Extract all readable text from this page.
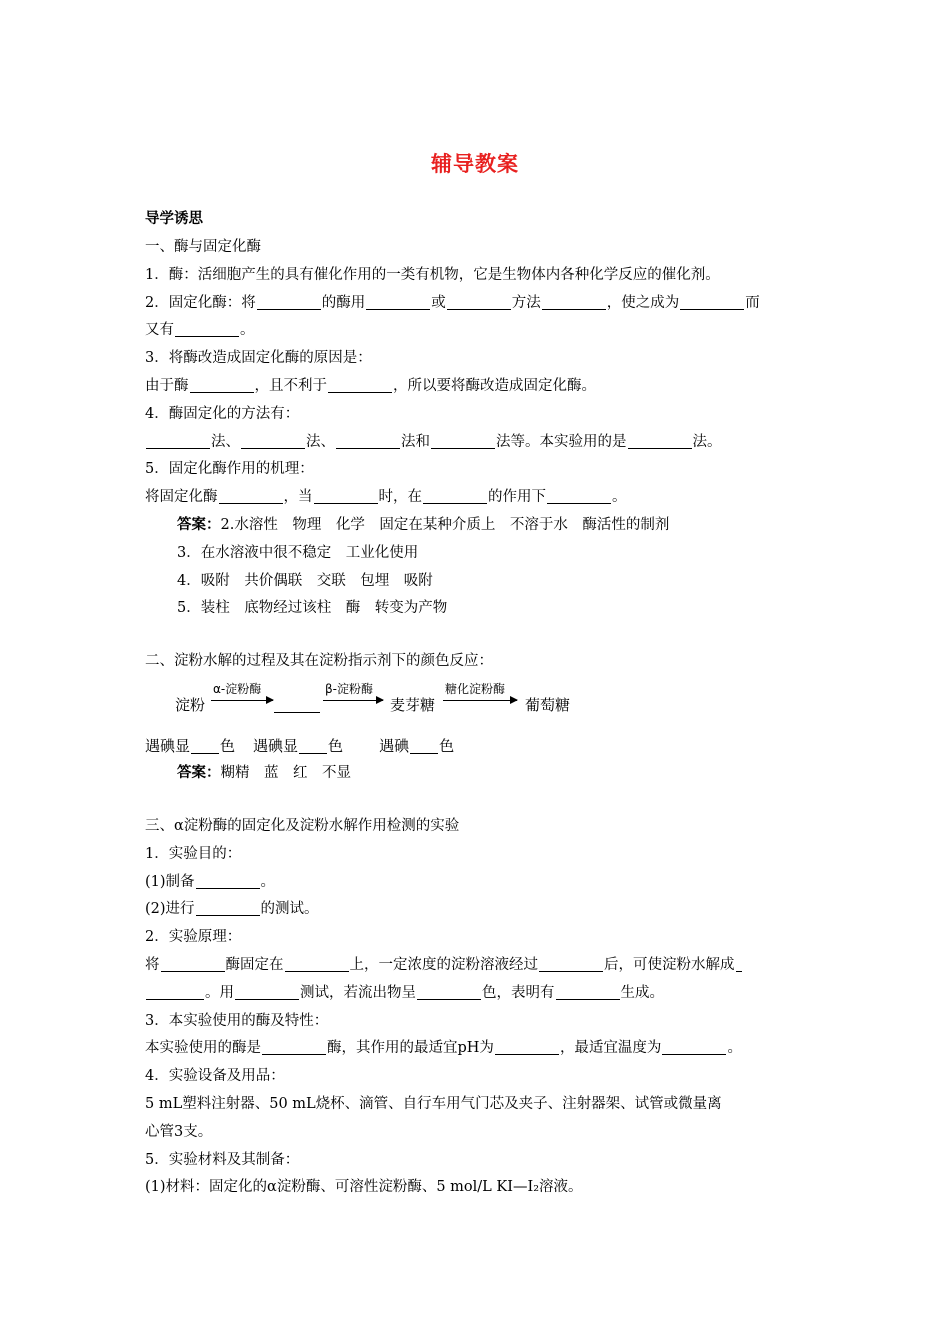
辅导教案
导学诱思
一、酶与固定化酶
1．酶：活细胞产生的具有催化作用的一类有机物，它是生物体内各种化学反应的催化剂。
2．固定化酶：将	的酶用	或	方法	，使之成为	而
又有	。
3．将酶改造成固定化酶的原因是：
由于酶	，且不利于	，所以要将酶改造成固定化酶。
4．酶固定化的方法有：
法、	法、	法和	法等。本实验用的是	法。
5．固定化酶作用的机理：
将固定化酶	，当	时，在	的作用下	。
答案：2.水溶性　物理　化学　固定在某种介质上　不溶于水　酶活性的制剂
3．在水溶液中很不稳定　工业化使用
4．吸附　共价偶联　交联　包埋　吸附
5．装柱　底物经过该柱　酶　转变为产物
二、淀粉水解的过程及其在淀粉指示剂下的颜色反应：
淀粉
α-淀粉酶	β-淀粉酶
麦芽糖
糖化淀粉酶
葡萄糖
遇碘显 色 遇碘显 色 遇碘 色
答案：糊精　蓝　红　不显
三、α淀粉酶的固定化及淀粉水解作用检测的实验
1．实验目的：
(1)制备	。
(2)进行	的测试。
2．实验原理：
将	酶固定在	上，一定浓度的淀粉溶液经过	后，可使淀粉水解成
。用	测试，若流出物呈	色，表明有	生成。
3．本实验使用的酶及特性：
本实验使用的酶是	酶，其作用的最适宜pH为	，最适宜温度为	。
4．实验设备及用品：
5 mL塑料注射器、50 mL烧杯、滴管、自行车用气门芯及夹子、注射器架、试管或微量离
心管3支。
5．实验材料及其制备：
(1)材料：固定化的α淀粉酶、可溶性淀粉酶、5 mol/L KI—I₂溶液。
